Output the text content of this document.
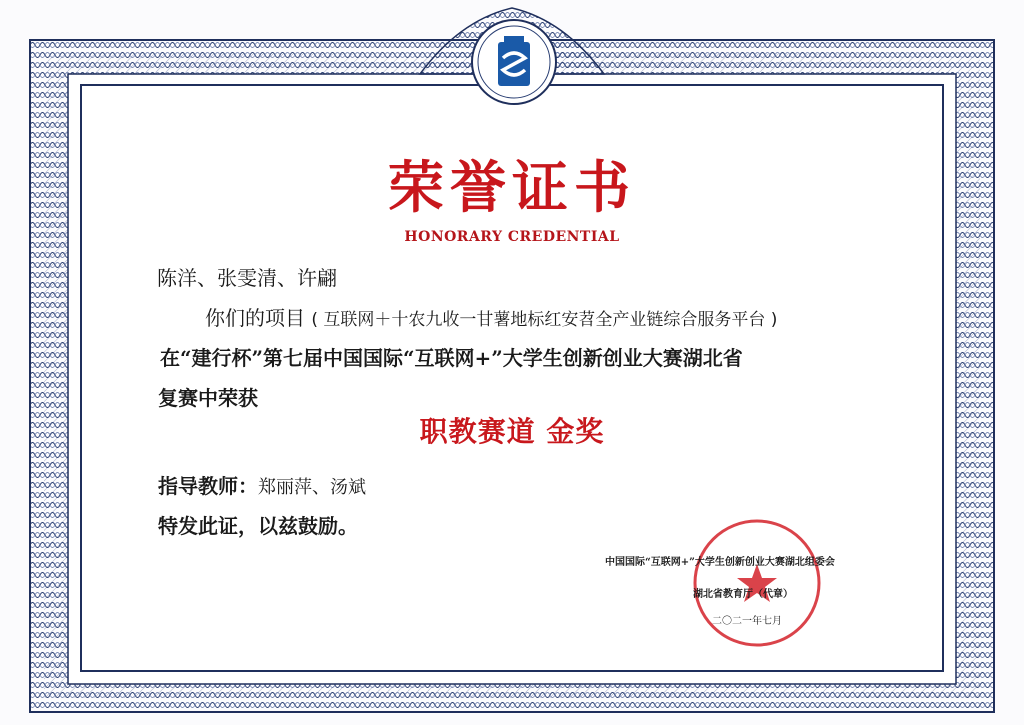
荣誉证书
HONORARY CREDENTIAL
陈洋、张雯清、许翩
你们的项目 ( 互联网＋十农九收一甘薯地标红安苕全产业链综合服务平台 )
在“建行杯”第七届中国国际“互联网+”大学生创新创业大赛湖北省
复赛中荣获
职教赛道 金奖
指导教师：郑丽萍、汤斌
特发此证，以兹鼓励。
中国国际“互联网+”大学生创新创业大赛湖北组委会
湖北省教育厅（代章）
二〇二一年七月
